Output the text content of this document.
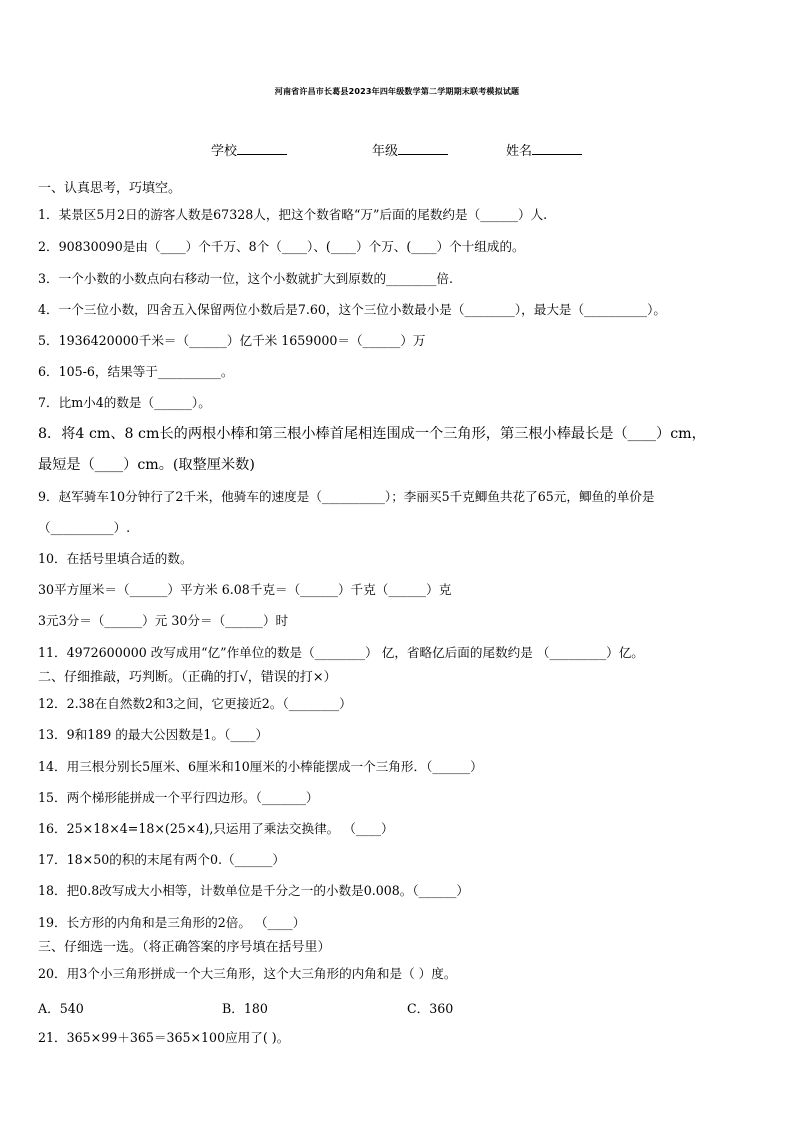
河南省许昌市长葛县2023年四年级数学第二学期期末联考模拟试题
学校	年级	姓名
一、认真思考，巧填空。
1．某景区5月2日的游客人数是67328人，把这个数省略“万”后面的尾数约是（______）人.
2．90830090是由（____）个千万、8个（____）、(____）个万、(____）个十组成的。
3．一个小数的小数点向右移动一位，这个小数就扩大到原数的________倍.
4．一个三位小数，四舍五入保留两位小数后是7.60，这个三位小数最小是（________），最大是（__________）。
5．1936420000千米＝（______）亿千米 1659000＝（______）万
6．105-6，结果等于__________。
7．比m小4的数是（______）。
8．将4 cm、8 cm长的两根小棒和第三根小棒首尾相连围成一个三角形，第三根小棒最长是（____）cm，
最短是（____）cm。(取整厘米数)
9．赵军骑车10分钟行了2千米，他骑车的速度是（__________）；李丽买5千克鲫鱼共花了65元，鲫鱼的单价是
（__________）.
10．在括号里填合适的数。
30平方厘米＝（______）平方米 6.08千克＝（______）千克（______）克
3元3分＝（______）元 30分＝（______）时
11．4972600000 改写成用“亿”作单位的数是（________） 亿，省略亿后面的尾数约是 （_________）亿。
二、仔细推敲，巧判断。（正确的打√，错误的打×）
12．2.38在自然数2和3之间，它更接近2。（________）
13．9和189 的最大公因数是1。（____）
14．用三根分别长5厘米、6厘米和10厘米的小棒能摆成一个三角形．（______）
15．两个梯形能拼成一个平行四边形。（_______）
16．25×18×4=18×(25×4),只运用了乘法交换律。 （____）
17．18×50的积的末尾有两个0.（______）
18．把0.8改写成大小相等，计数单位是千分之一的小数是0.008。（______）
19．长方形的内角和是三角形的2倍。 （____）
三、仔细选一选。（将正确答案的序号填在括号里）
20．用3个小三角形拼成一个大三角形，这个大三角形的内角和是（ ）度。
A．540	B．180	C．360
21．365×99＋365＝365×100应用了( )。
